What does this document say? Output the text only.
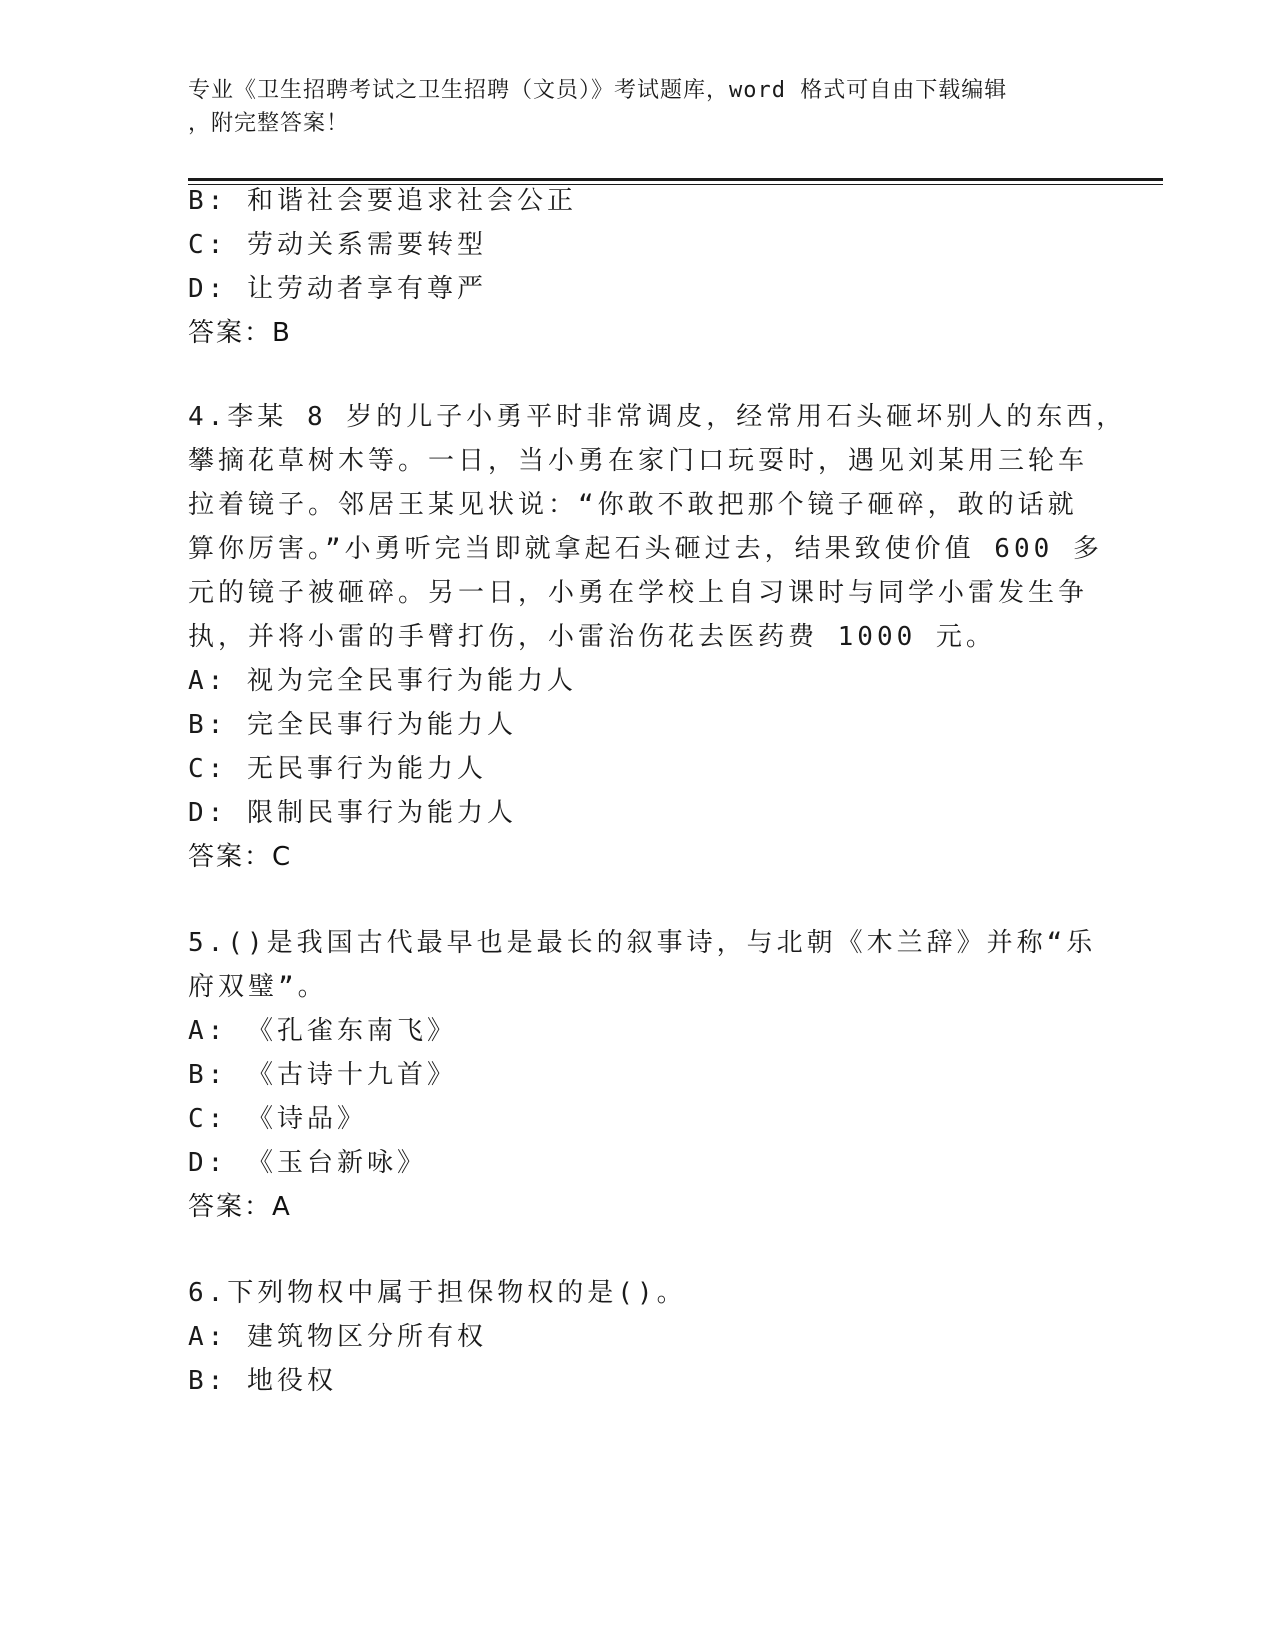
专业《卫生招聘考试之卫生招聘（文员）》考试题库，word 格式可自由下载编辑
，附完整答案！
B: 和谐社会要追求社会公正
C: 劳动关系需要转型
D: 让劳动者享有尊严
答案：B
4.李某 8 岁的儿子小勇平时非常调皮，经常用石头砸坏别人的东西，
攀摘花草树木等。一日，当小勇在家门口玩耍时，遇见刘某用三轮车
拉着镜子。邻居王某见状说：“你敢不敢把那个镜子砸碎，敢的话就
算你厉害。”小勇听完当即就拿起石头砸过去，结果致使价值 600 多
元的镜子被砸碎。另一日，小勇在学校上自习课时与同学小雷发生争
执，并将小雷的手臂打伤，小雷治伤花去医药费 1000 元。
A: 视为完全民事行为能力人
B: 完全民事行为能力人
C: 无民事行为能力人
D: 限制民事行为能力人
答案：C
5.()是我国古代最早也是最长的叙事诗，与北朝《木兰辞》并称“乐
府双璧”。
A: 《孔雀东南飞》
B: 《古诗十九首》
C: 《诗品》
D: 《玉台新咏》
答案：A
6.下列物权中属于担保物权的是()。
A: 建筑物区分所有权
B: 地役权
